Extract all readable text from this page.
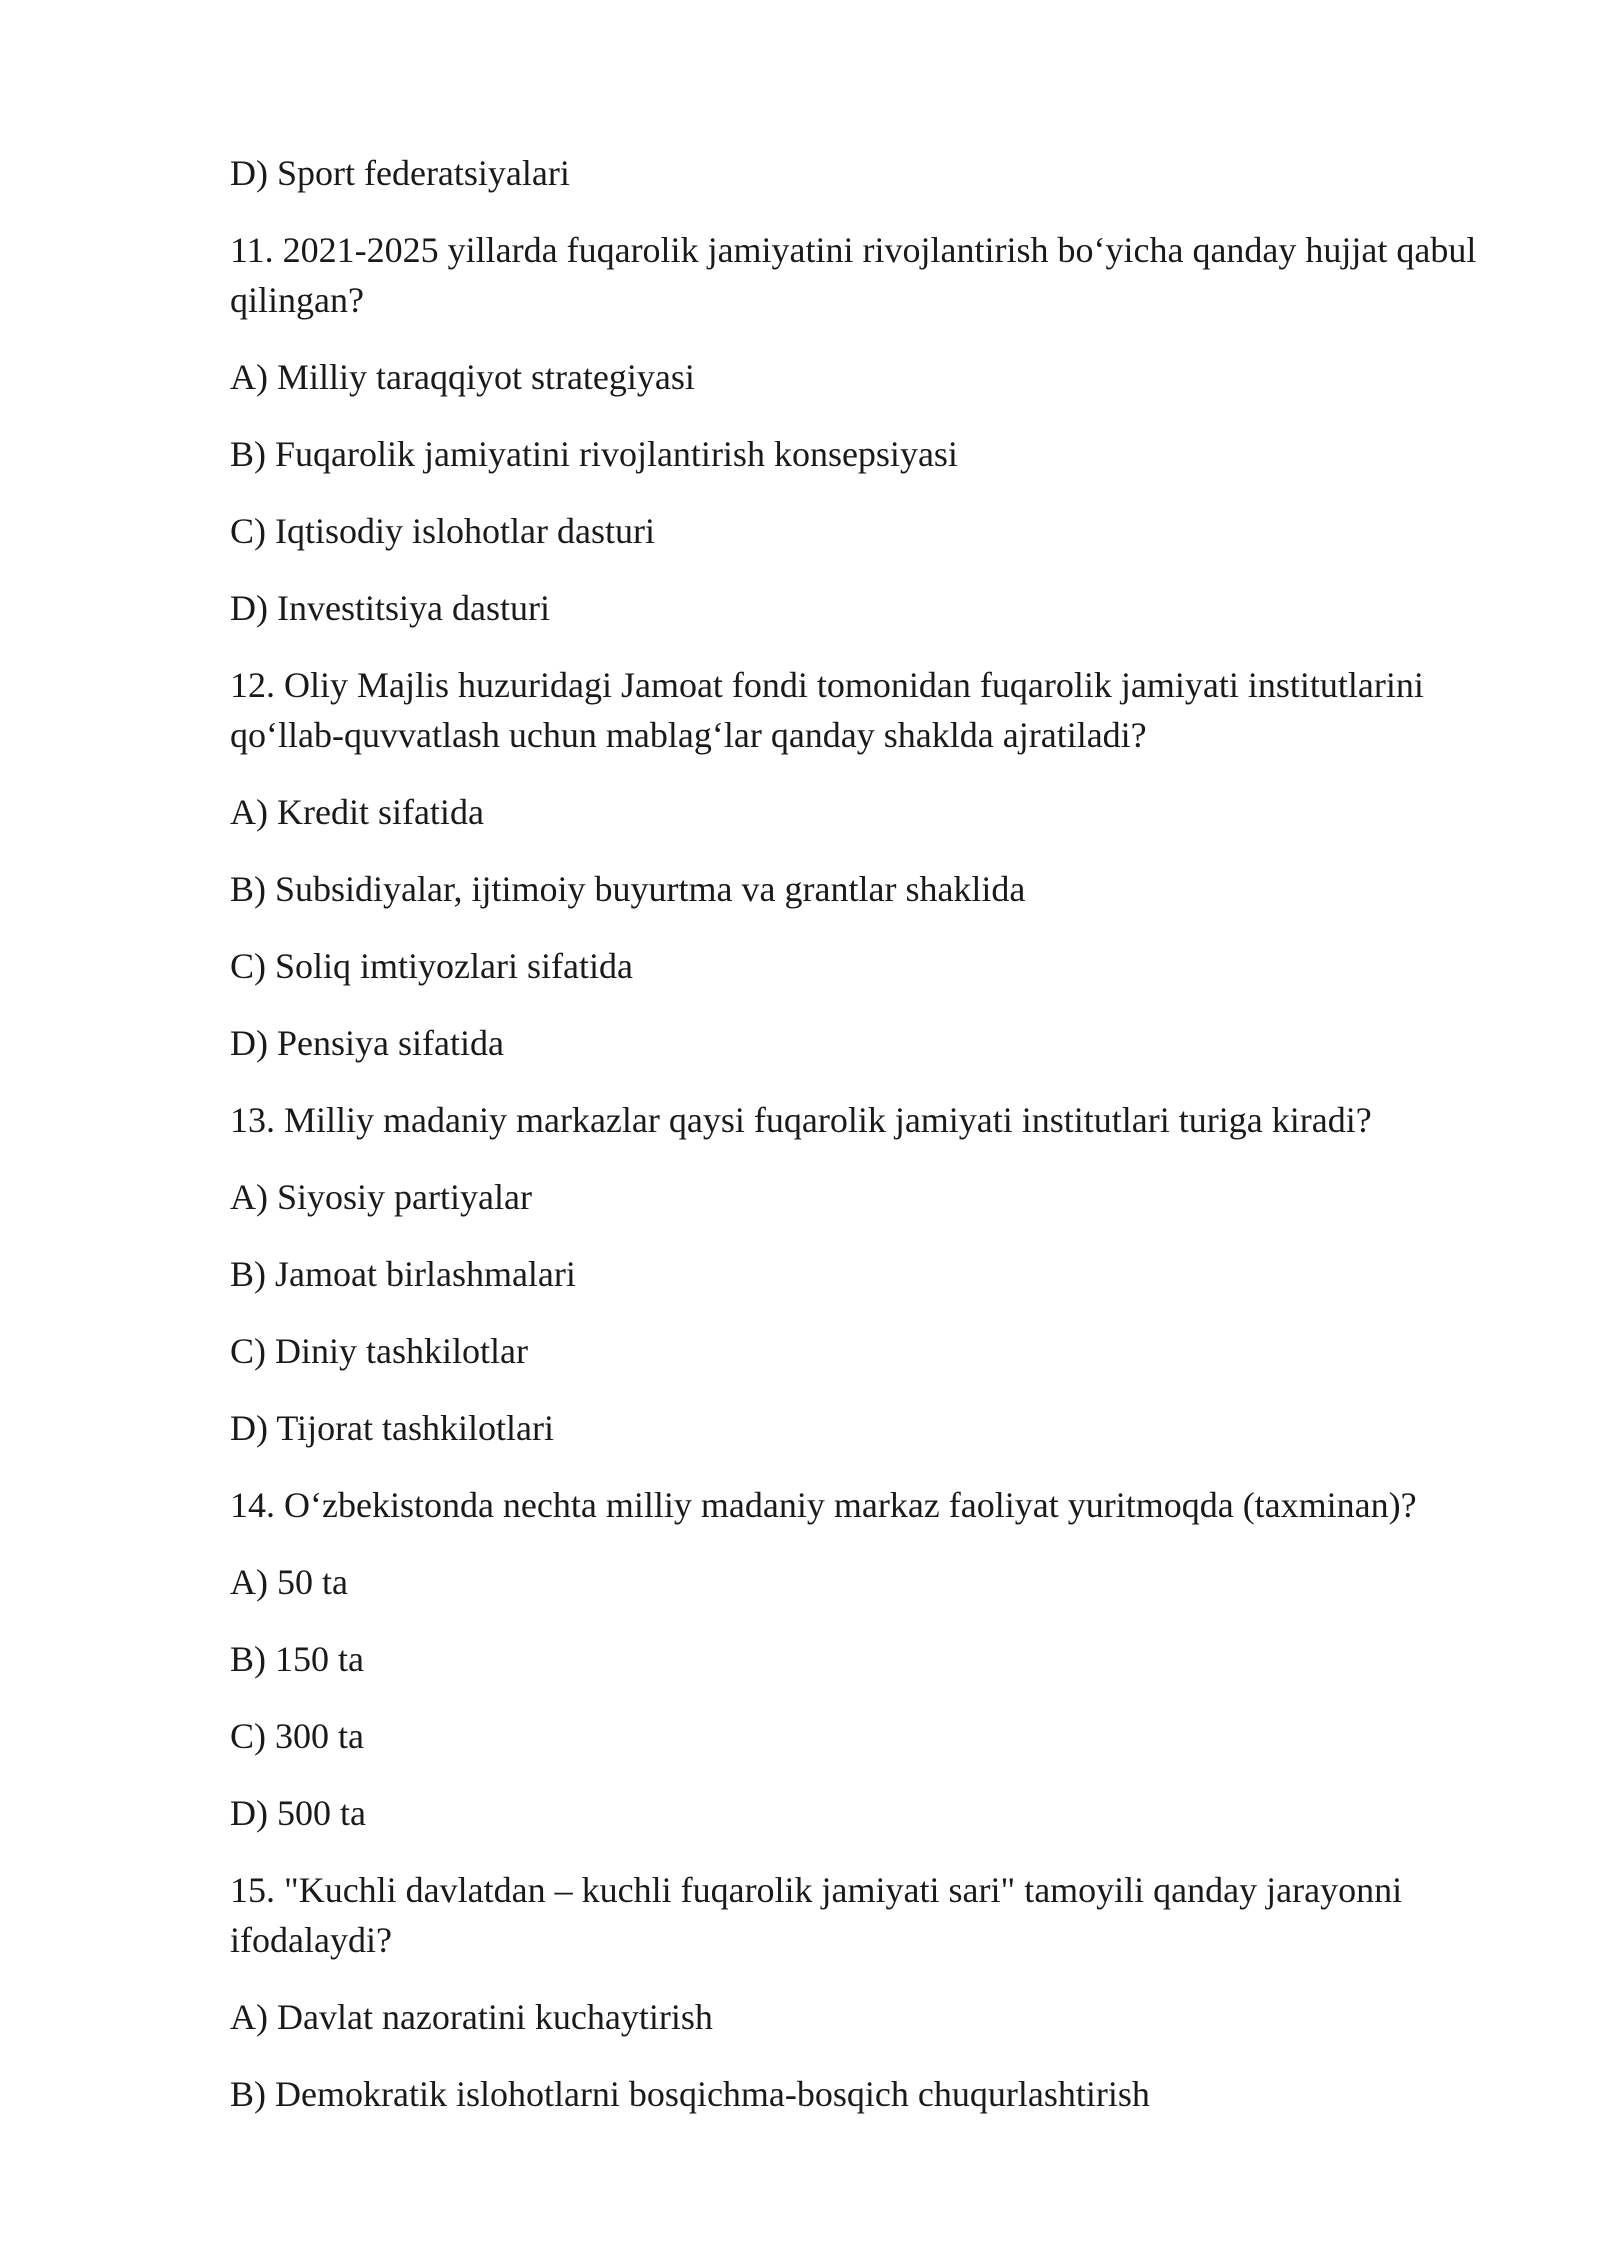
D) Sport federatsiyalari

11. 2021-2025 yillarda fuqarolik jamiyatini rivojlantirish bo‘yicha qanday hujjat qabul qilingan?

A) Milliy taraqqiyot strategiyasi

B) Fuqarolik jamiyatini rivojlantirish konsepsiyasi

C) Iqtisodiy islohotlar dasturi

D) Investitsiya dasturi

12. Oliy Majlis huzuridagi Jamoat fondi tomonidan fuqarolik jamiyati institutlarini qo‘llab-quvvatlash uchun mablag‘lar qanday shaklda ajratiladi?

A) Kredit sifatida

B) Subsidiyalar, ijtimoiy buyurtma va grantlar shaklida

C) Soliq imtiyozlari sifatida

D) Pensiya sifatida

13. Milliy madaniy markazlar qaysi fuqarolik jamiyati institutlari turiga kiradi?

A) Siyosiy partiyalar

B) Jamoat birlashmalari

C) Diniy tashkilotlar

D) Tijorat tashkilotlari

14. O‘zbekistonda nechta milliy madaniy markaz faoliyat yuritmoqda (taxminan)?

A) 50 ta

B) 150 ta

C) 300 ta

D) 500 ta

15. "Kuchli davlatdan – kuchli fuqarolik jamiyati sari" tamoyili qanday jarayonni ifodalaydi?

A) Davlat nazoratini kuchaytirish

B) Demokratik islohotlarni bosqichma-bosqich chuqurlashtirish
